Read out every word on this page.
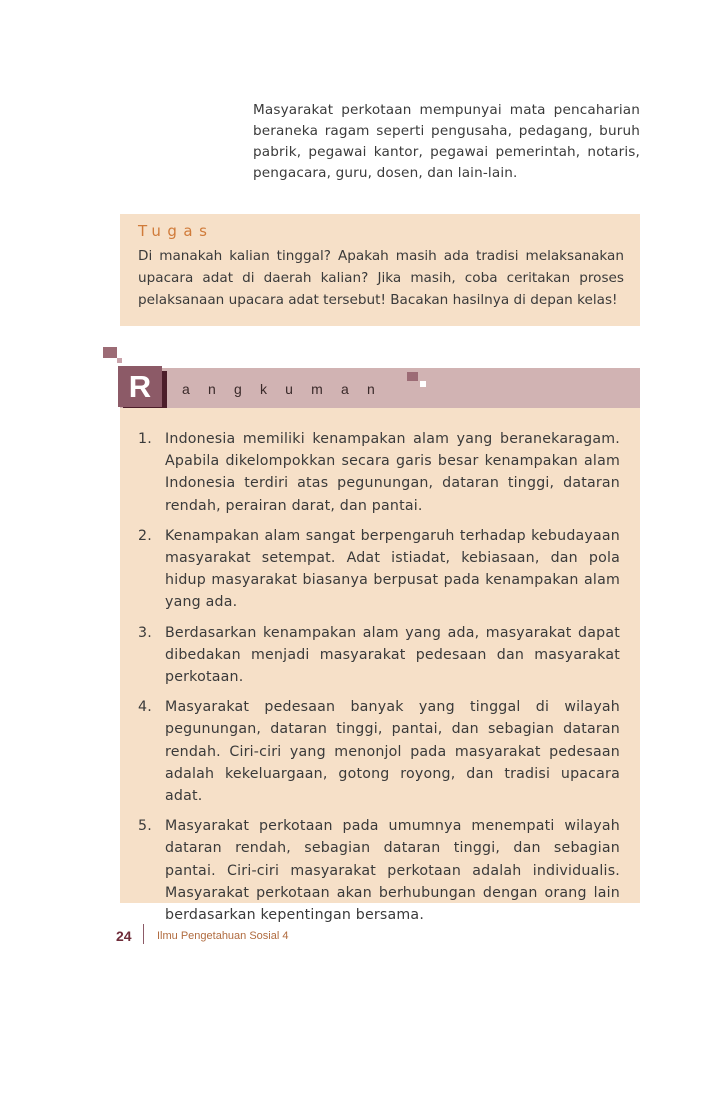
Masyarakat perkotaan mempunyai mata pencaharian beraneka ragam seperti pengusaha, pedagang, buruh pabrik, pegawai kantor, pegawai pemerintah, notaris, pengacara, guru, dosen, dan lain-lain.
Tugas
Di manakah kalian tinggal? Apakah masih ada tradisi melaksanakan upacara adat di daerah kalian? Jika masih, coba ceritakan proses pelaksanaan upacara adat tersebut! Bacakan hasilnya di depan kelas!
R	angkuman
1. Indonesia memiliki kenampakan alam yang beranekaragam. Apabila dikelompokkan secara garis besar kenampakan alam Indonesia terdiri atas pegunungan, dataran tinggi, dataran rendah, perairan darat, dan pantai.
2. Kenampakan alam sangat berpengaruh terhadap kebudayaan masyarakat setempat. Adat istiadat, kebiasaan, dan pola hidup masyarakat biasanya berpusat pada kenampakan alam yang ada.
3. Berdasarkan kenampakan alam yang ada, masyarakat dapat dibedakan menjadi masyarakat pedesaan dan masyarakat perkotaan.
4. Masyarakat pedesaan banyak yang tinggal di wilayah pegunungan, dataran tinggi, pantai, dan sebagian dataran rendah. Ciri-ciri yang menonjol pada masyarakat pedesaan adalah kekeluargaan, gotong royong, dan tradisi upacara adat.
5. Masyarakat perkotaan pada umumnya menempati wilayah dataran rendah, sebagian dataran tinggi, dan sebagian pantai. Ciri-ciri masyarakat perkotaan adalah individualis. Masyarakat perkotaan akan berhubungan dengan orang lain berdasarkan kepentingan bersama.
24 Ilmu Pengetahuan Sosial 4
